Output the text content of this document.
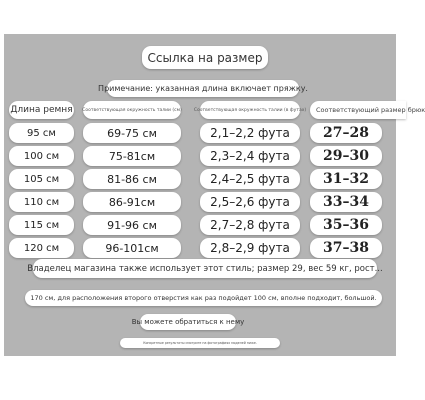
Ссылка на размер
Примечание: указанная длина включает пряжку.
Длина ремня	Соответствующая окружность талии (см)	Соответствующая окружность талии (в футах)	Соответствующий размер брюк
95 см	69-75 см	2,1–2,2 фута	27–28
100 см	75-81см	2,3–2,4 фута	29–30
105 см	81-86 см	2,4–2,5 фута	31–32
110 см	86-91см	2,5–2,6 фута	33–34
115 см	91-96 см	2,7–2,8 фута	35–36
120 см	96-101см	2,8–2,9 фута	37–38
Владелец магазина также использует этот стиль; размер 29, вес 59 кг, рост...
170 см, для расположения второго отверстия как раз подойдет 100 см, вполне подходит, большой.
Вы можете обратиться к нему
Конкретные результаты смотрите на фотографиях моделей ниже.
